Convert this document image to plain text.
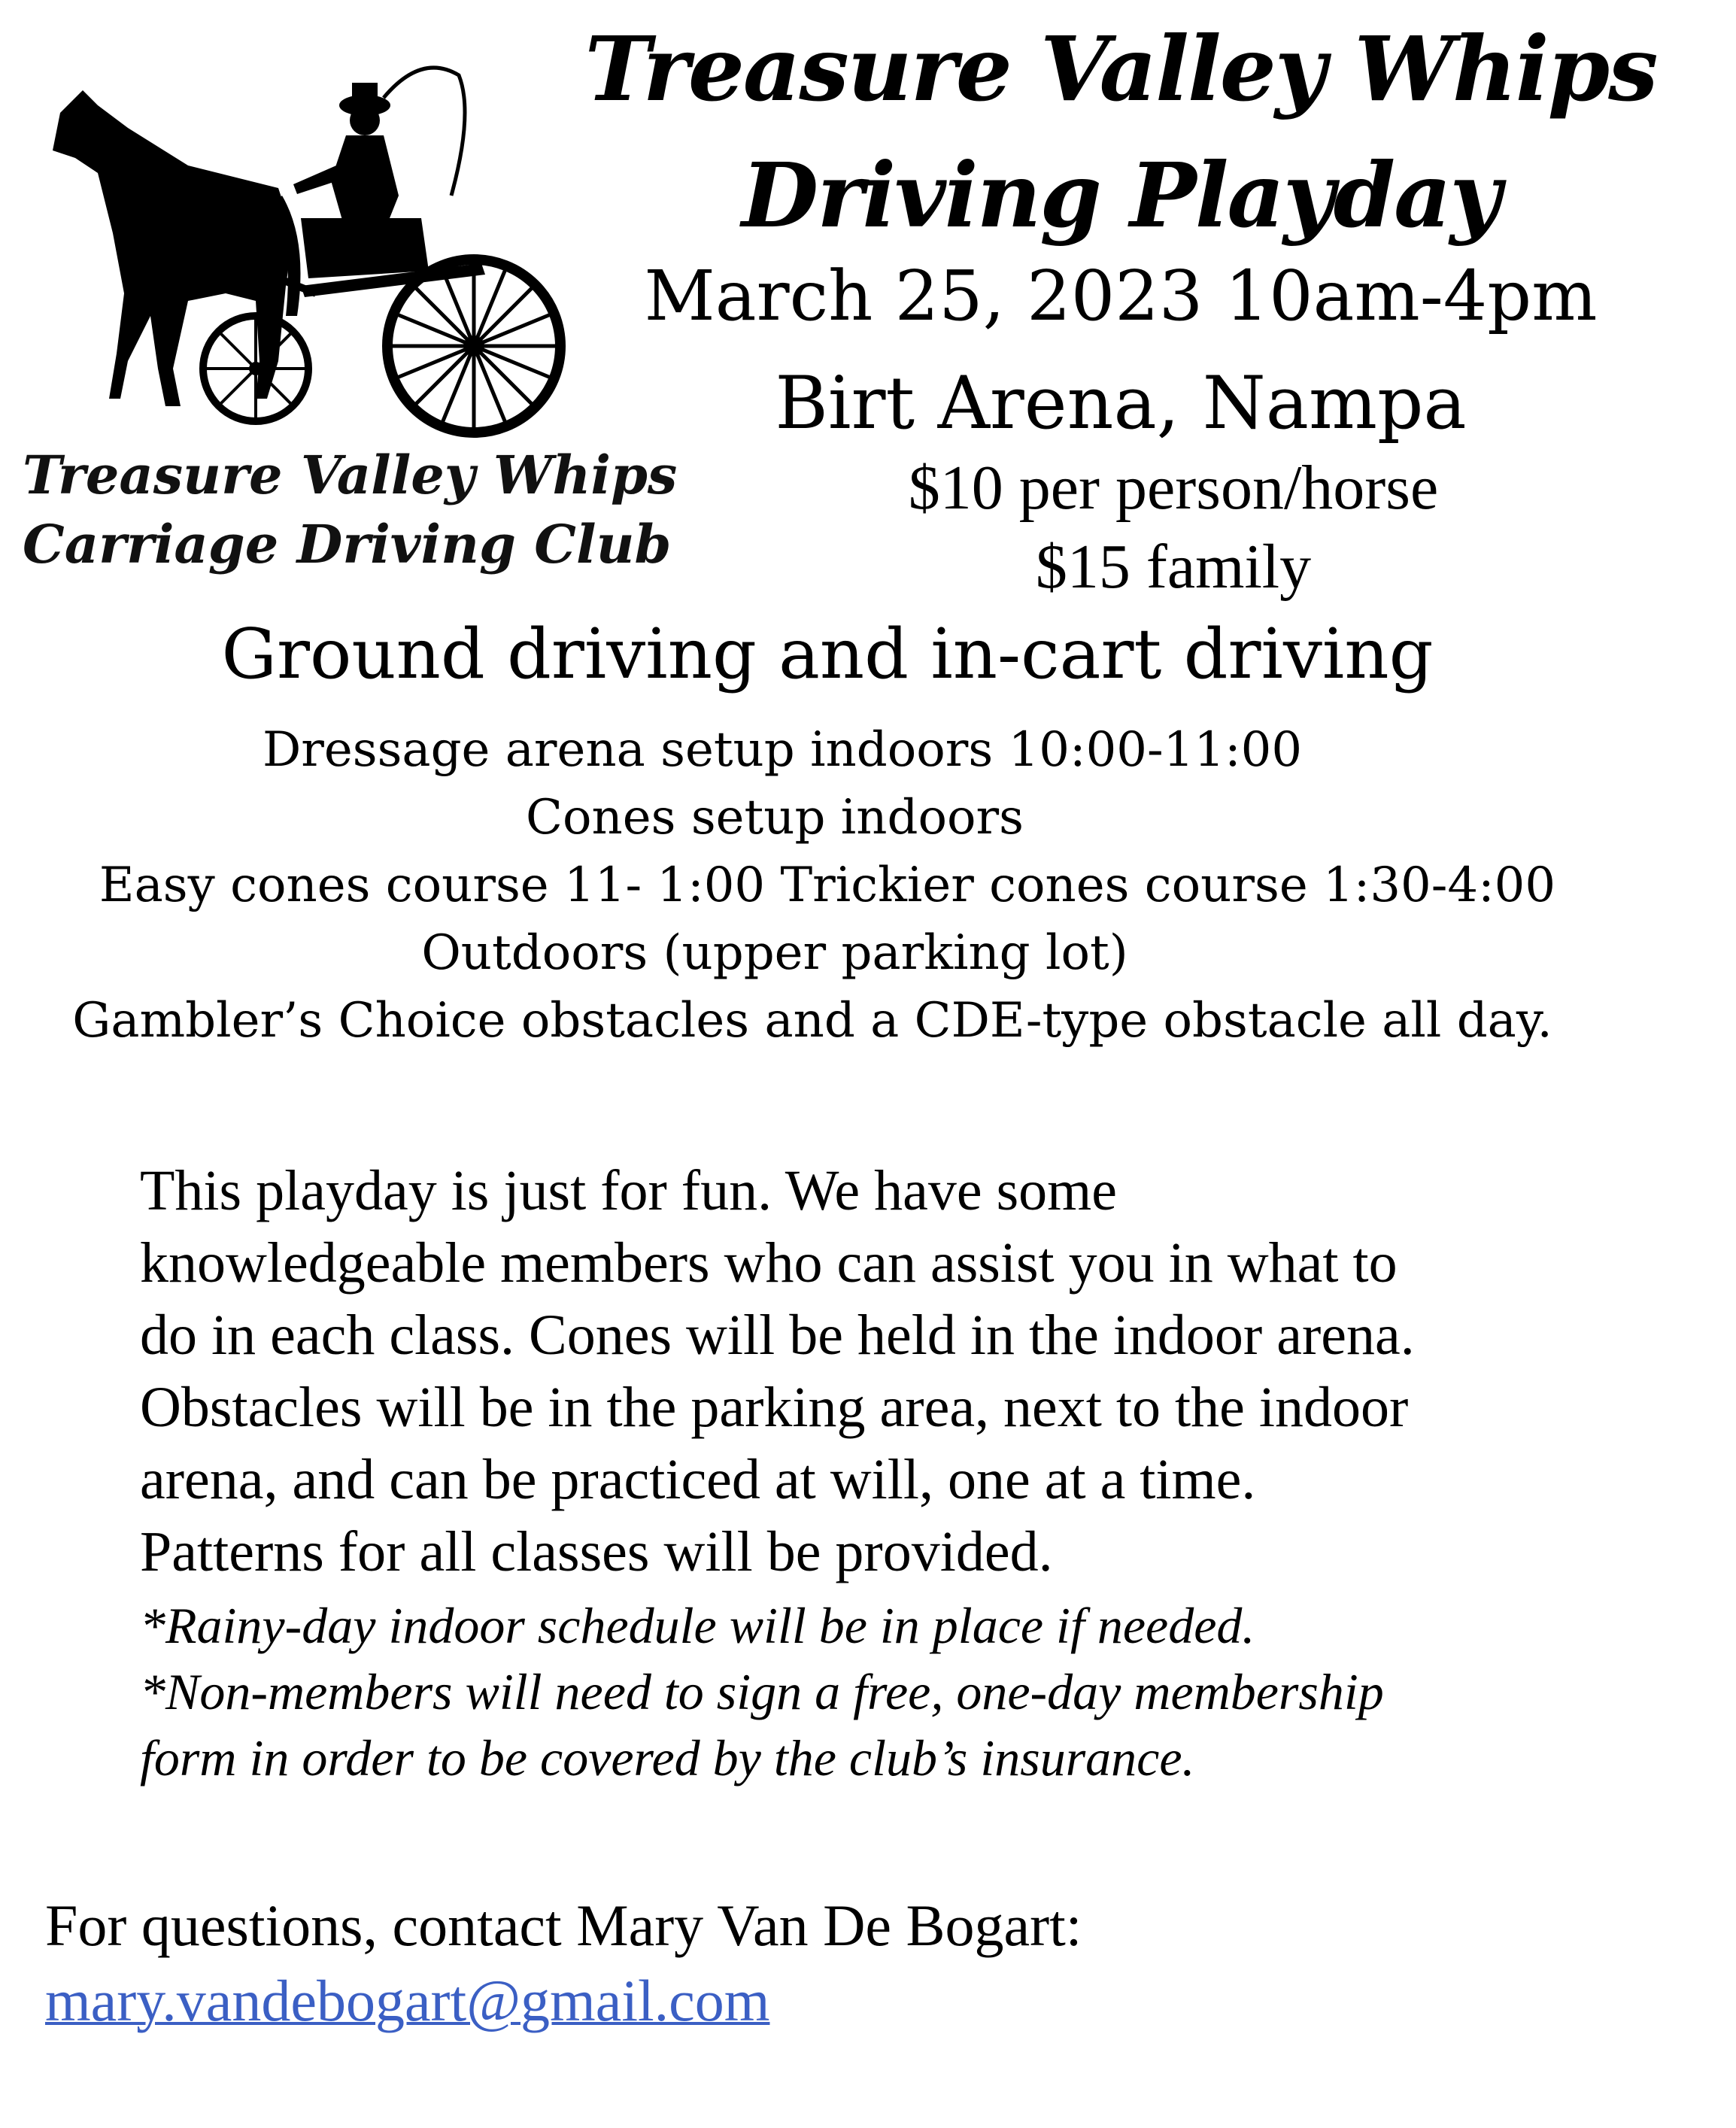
Treasure Valley Whips
Carriage Driving Club
Treasure Valley Whips
Driving Playday
March 25, 2023 10am-4pm
Birt Arena, Nampa
$10 per person/horse
$15 family
Ground driving and in-cart driving
Dressage arena setup indoors 10:00-11:00
Cones setup indoors
Easy cones course 11- 1:00 Trickier cones course 1:30-4:00
Outdoors (upper parking lot)
Gambler’s Choice obstacles and a CDE-type obstacle all day.
This playday is just for fun. We have some
knowledgeable members who can assist you in what to
do in each class. Cones will be held in the indoor arena.
Obstacles will be in the parking area, next to the indoor
arena, and can be practiced at will, one at a time.
Patterns for all classes will be provided.
*Rainy-day indoor schedule will be in place if needed.
*Non-members will need to sign a free, one-day membership
form in order to be covered by the club’s insurance.
For questions, contact Mary Van De Bogart:
mary.vandebogart@gmail.com
